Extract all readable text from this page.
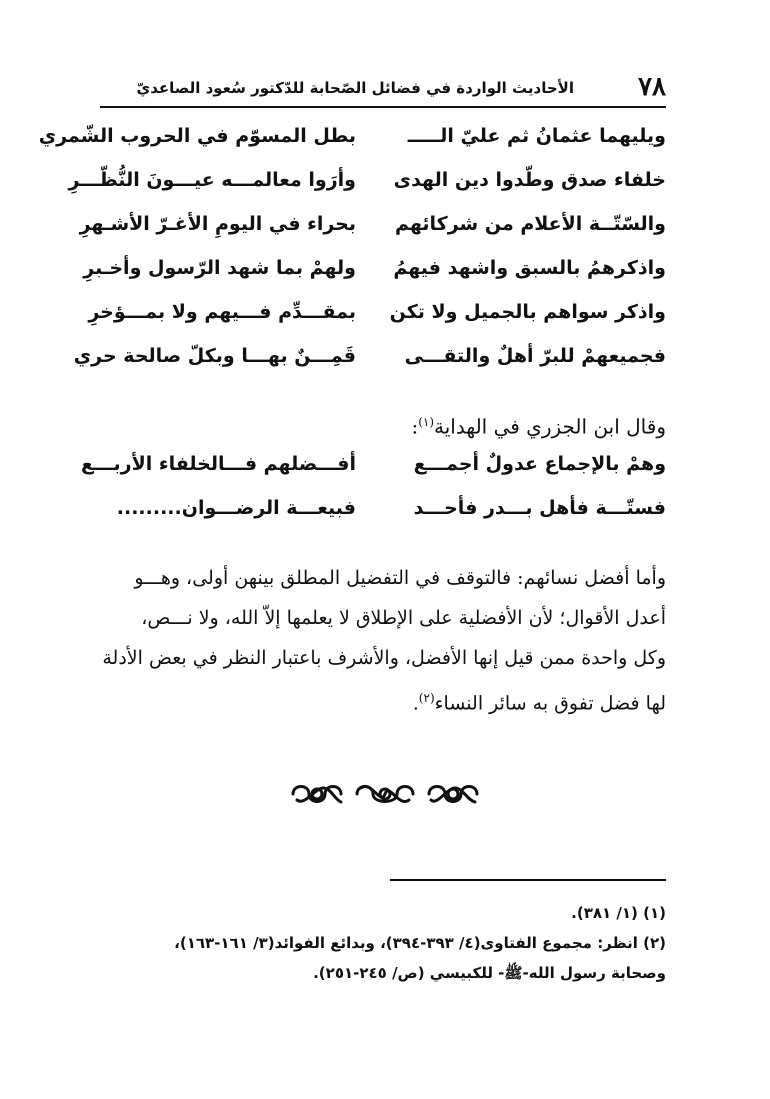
٧٨
الأحاديث الواردة في فضائل الصّحابة للدّكتور سُعود الصاعديّ
ويليهما عثمانُ ثم عليّ الـــــ
بطل المسوّم في الحروب الشّمري
خلفاء صدق وطّدوا دين الهدى
وأرَوا معالمـــه عيـــونَ النُّظّـــرِ
والسّتّــة الأعلام من شركائهم
بحراء في اليومِ الأغـرّ الأشـهرِ
واذكرهمُ بالسبق واشهد فيهمُ
ولهمْ بما شهد الرّسول وأخـبرِ
واذكر سواهم بالجميل ولا تكن
بمقـــدِّم فـــيهم ولا بمـــؤخرِ
فجميعهمْ للبرّ أهلٌ والتقـــى
قَمِـــنٌ بهـــا وبكلّ صالحة حري
وقال ابن الجزري في الهداية$^{(١)}$:
وهمْ بالإجماع عدولٌ أجمـــع
أفـــضلهم فـــالخلفاء الأربـــع
فستّـــة فأهل بـــدر فأحـــد
فبيعـــة الرضـــوان.........
وأما أفضل نسائهم: فالتوقف في التفضيل المطلق بينهن أولى، وهـــو
أعدل الأقوال؛ لأن الأفضلية على الإطلاق لا يعلمها إلاّ الله، ولا نـــص،
وكل واحدة ممن قيل إنها الأفضل، والأشرف باعتبار النظر في بعض الأدلة
لها فضل تفوق به سائر النساء$^{(٢)}$.
(١) (١/ ٣٨١).
(٢) انظر: مجموع الفتاوى(٤/ ٣٩٣-٣٩٤)، وبدائع الفوائد(٣/ ١٦١-١٦٣)،
وصحابة رسول الله-ﷺ- للكبيسي (ص/ ٢٤٥-٢٥١).
